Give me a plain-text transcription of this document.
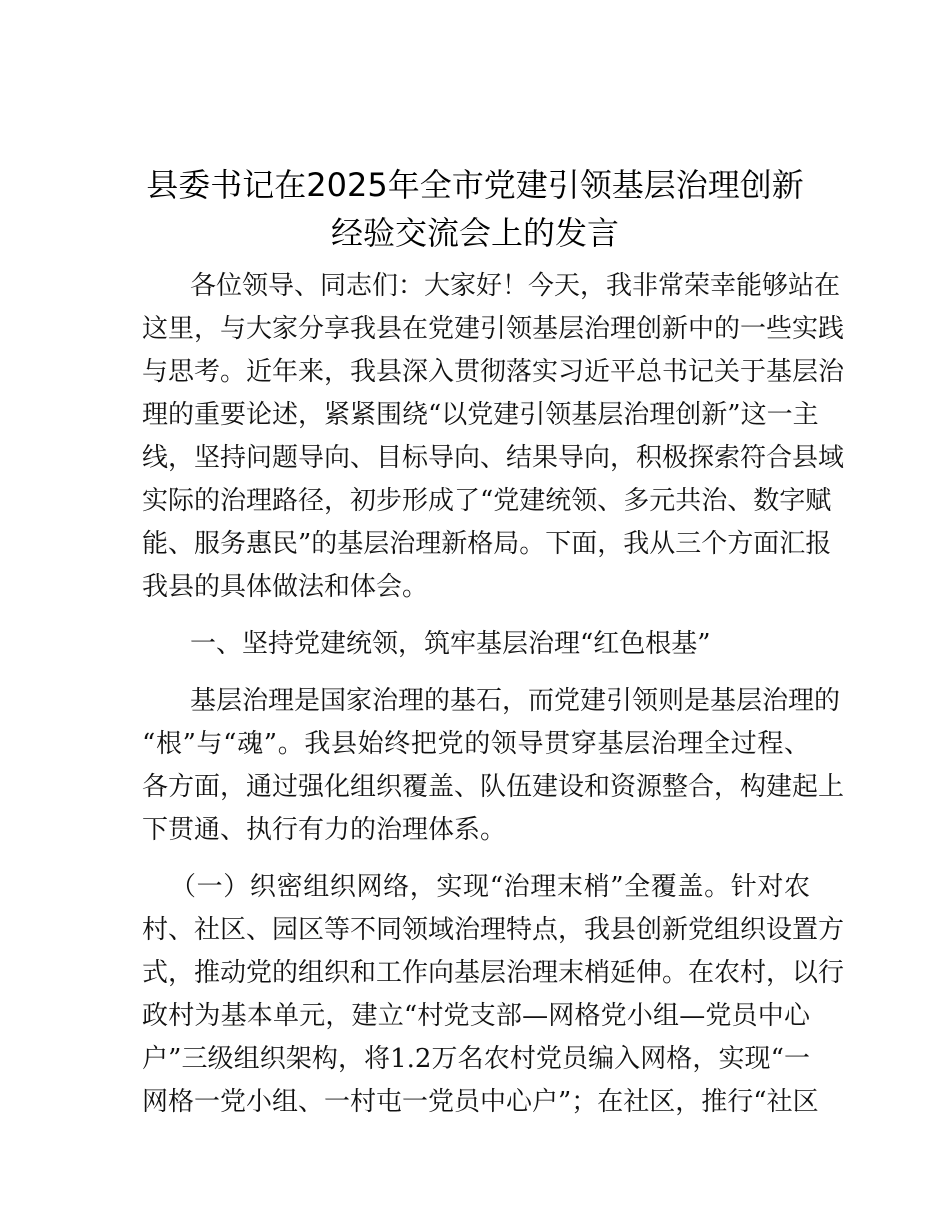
县委书记在2025年全市党建引领基层治理创新
经验交流会上的发言
各位领导、同志们：大家好！今天，我非常荣幸能够站在
这里，与大家分享我县在党建引领基层治理创新中的一些实践
与思考。近年来，我县深入贯彻落实习近平总书记关于基层治
理的重要论述，紧紧围绕“以党建引领基层治理创新”这一主
线，坚持问题导向、目标导向、结果导向，积极探索符合县域
实际的治理路径，初步形成了“党建统领、多元共治、数字赋
能、服务惠民”的基层治理新格局。下面，我从三个方面汇报
我县的具体做法和体会。
一、坚持党建统领，筑牢基层治理“红色根基”
基层治理是国家治理的基石，而党建引领则是基层治理的
“根”与“魂”。我县始终把党的领导贯穿基层治理全过程、
各方面，通过强化组织覆盖、队伍建设和资源整合，构建起上
下贯通、执行有力的治理体系。
（一）织密组织网络，实现“治理末梢”全覆盖。针对农
村、社区、园区等不同领域治理特点，我县创新党组织设置方
式，推动党的组织和工作向基层治理末梢延伸。在农村，以行
政村为基本单元，建立“村党支部—网格党小组—党员中心
户”三级组织架构，将1.2万名农村党员编入网格，实现“一
网格一党小组、一村屯一党员中心户”；在社区，推行“社区
